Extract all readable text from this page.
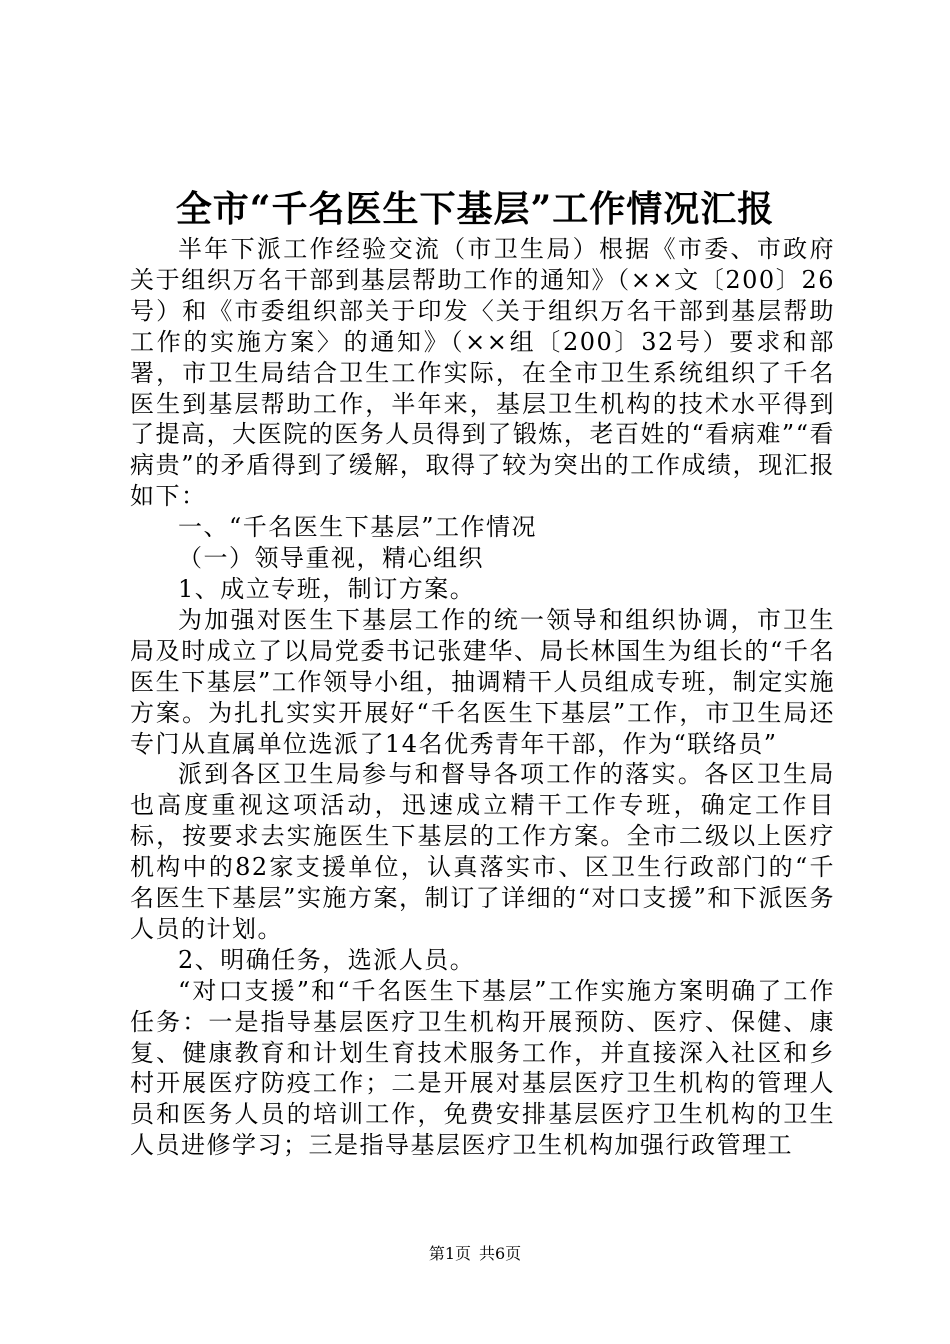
全市“千名医生下基层”工作情况汇报

半年下派工作经验交流（市卫生局）根据《市委、市政府关于组织万名干部到基层帮助工作的通知》（××文〔200〕26号）和《市委组织部关于印发〈关于组织万名干部到基层帮助工作的实施方案〉的通知》（××组〔200〕32号）要求和部署，市卫生局结合卫生工作实际，在全市卫生系统组织了千名医生到基层帮助工作，半年来，基层卫生机构的技术水平得到了提高，大医院的医务人员得到了锻炼，老百姓的“看病难”“看病贵”的矛盾得到了缓解，取得了较为突出的工作成绩，现汇报如下：

一、“千名医生下基层”工作情况

（一）领导重视，精心组织

1、成立专班，制订方案。

为加强对医生下基层工作的统一领导和组织协调，市卫生局及时成立了以局党委书记张建华、局长林国生为组长的“千名医生下基层”工作领导小组，抽调精干人员组成专班，制定实施方案。为扎扎实实开展好“千名医生下基层”工作，市卫生局还专门从直属单位选派了14名优秀青年干部，作为“联络员”

派到各区卫生局参与和督导各项工作的落实。各区卫生局也高度重视这项活动，迅速成立精干工作专班，确定工作目标，按要求去实施医生下基层的工作方案。全市二级以上医疗机构中的82家支援单位，认真落实市、区卫生行政部门的“千名医生下基层”实施方案，制订了详细的“对口支援”和下派医务人员的计划。

2、明确任务，选派人员。

“对口支援”和“千名医生下基层”工作实施方案明确了工作任务：一是指导基层医疗卫生机构开展预防、医疗、保健、康复、健康教育和计划生育技术服务工作，并直接深入社区和乡村开展医疗防疫工作；二是开展对基层医疗卫生机构的管理人员和医务人员的培训工作，免费安排基层医疗卫生机构的卫生人员进修学习；三是指导基层医疗卫生机构加强行政管理工

第1页 共6页
